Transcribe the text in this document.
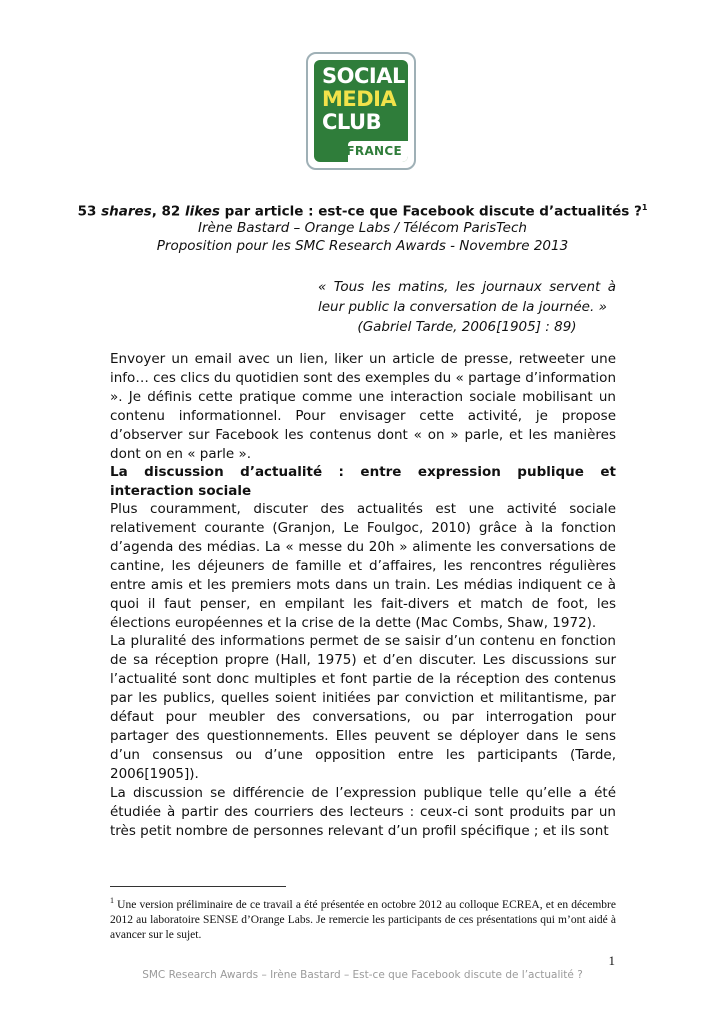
SOCIAL
MEDIA
CLUB
FRANCE
53 shares, 82 likes par article : est-ce que Facebook discute d’actualités ?$^1$
Irène Bastard – Orange Labs / Télécom ParisTech
Proposition pour les SMC Research Awards - Novembre 2013
« Tous les matins, les journaux servent à leur public la conversation de la journée. »
(Gabriel Tarde, 2006[1905] : 89)

Envoyer un email avec un lien, liker un article de presse, retweeter une info… ces clics du quotidien sont des exemples du « partage d’information ». Je définis cette pratique comme une interaction sociale mobilisant un contenu informationnel. Pour envisager cette activité, je propose d’observer sur Facebook les contenus dont « on » parle, et les manières dont on en « parle ».

La discussion d’actualité : entre expression publique et interaction sociale

Plus couramment, discuter des actualités est une activité sociale relativement courante (Granjon, Le Foulgoc, 2010) grâce à la fonction d’agenda des médias. La « messe du 20h » alimente les conversations de cantine, les déjeuners de famille et d’affaires, les rencontres régulières entre amis et les premiers mots dans un train. Les médias indiquent ce à quoi il faut penser, en empilant les fait-divers et match de foot, les élections européennes et la crise de la dette (Mac Combs, Shaw, 1972).

La pluralité des informations permet de se saisir d’un contenu en fonction de sa réception propre (Hall, 1975) et d’en discuter. Les discussions sur l’actualité sont donc multiples et font partie de la réception des contenus par les publics, quelles soient initiées par conviction et militantisme, par défaut pour meubler des conversations, ou par interrogation pour partager des questionnements. Elles peuvent se déployer dans le sens d’un consensus ou d’une opposition entre les participants (Tarde, 2006[1905]).

La discussion se différencie de l’expression publique telle qu’elle a été étudiée à partir des courriers des lecteurs : ceux-ci sont produits par un très petit nombre de personnes relevant d’un profil spécifique ; et ils sont

$^1$ Une version préliminaire de ce travail a été présentée en octobre 2012 au colloque ECREA, et en décembre 2012 au laboratoire SENSE d’Orange Labs. Je remercie les participants de ces présentations qui m’ont aidé à avancer sur le sujet.
1
SMC Research Awards – Irène Bastard – Est-ce que Facebook discute de l’actualité ?
